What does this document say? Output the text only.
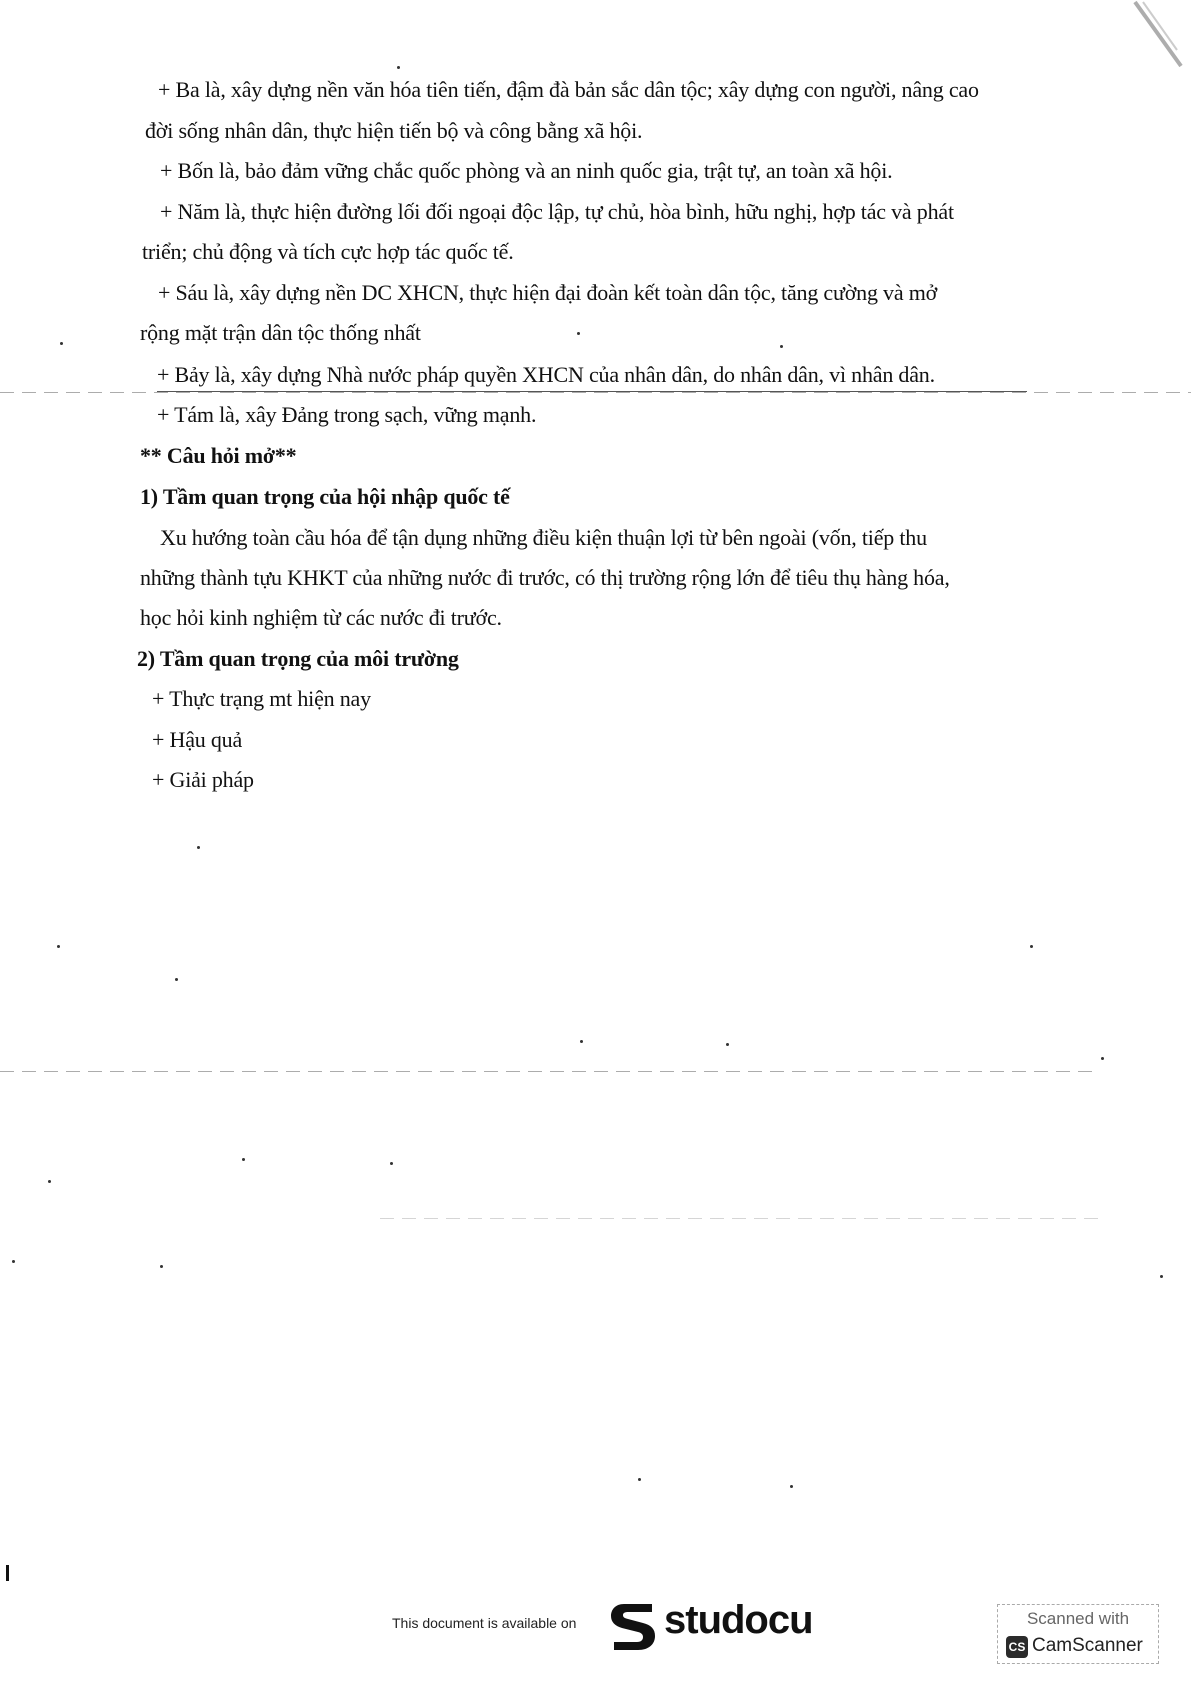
+ Ba là, xây dựng nền văn hóa tiên tiến, đậm đà bản sắc dân tộc; xây dựng con người, nâng cao
đời sống nhân dân, thực hiện tiến bộ và công bằng xã hội.
+ Bốn là, bảo đảm vững chắc quốc phòng và an ninh quốc gia, trật tự, an toàn xã hội.
+ Năm là, thực hiện đường lối đối ngoại độc lập, tự chủ, hòa bình, hữu nghị, hợp tác và phát
triển; chủ động và tích cực hợp tác quốc tế.
+ Sáu là, xây dựng nền DC XHCN, thực hiện đại đoàn kết toàn dân tộc, tăng cường và mở
rộng mặt trận dân tộc thống nhất
+ Bảy là, xây dựng Nhà nước pháp quyền XHCN của nhân dân, do nhân dân, vì nhân dân.
+ Tám là, xây Đảng trong sạch, vững mạnh.
** Câu hỏi mở**
1) Tầm quan trọng của hội nhập quốc tế
Xu hướng toàn cầu hóa để tận dụng những điều kiện thuận lợi từ bên ngoài (vốn, tiếp thu
những thành tựu KHKT của những nước đi trước, có thị trường rộng lớn để tiêu thụ hàng hóa,
học hỏi kinh nghiệm từ các nước đi trước.
2) Tầm quan trọng của môi trường
+ Thực trạng mt hiện nay
+ Hậu quả
+ Giải pháp
This document is available on studocu	Scanned with
CS CamScanner
